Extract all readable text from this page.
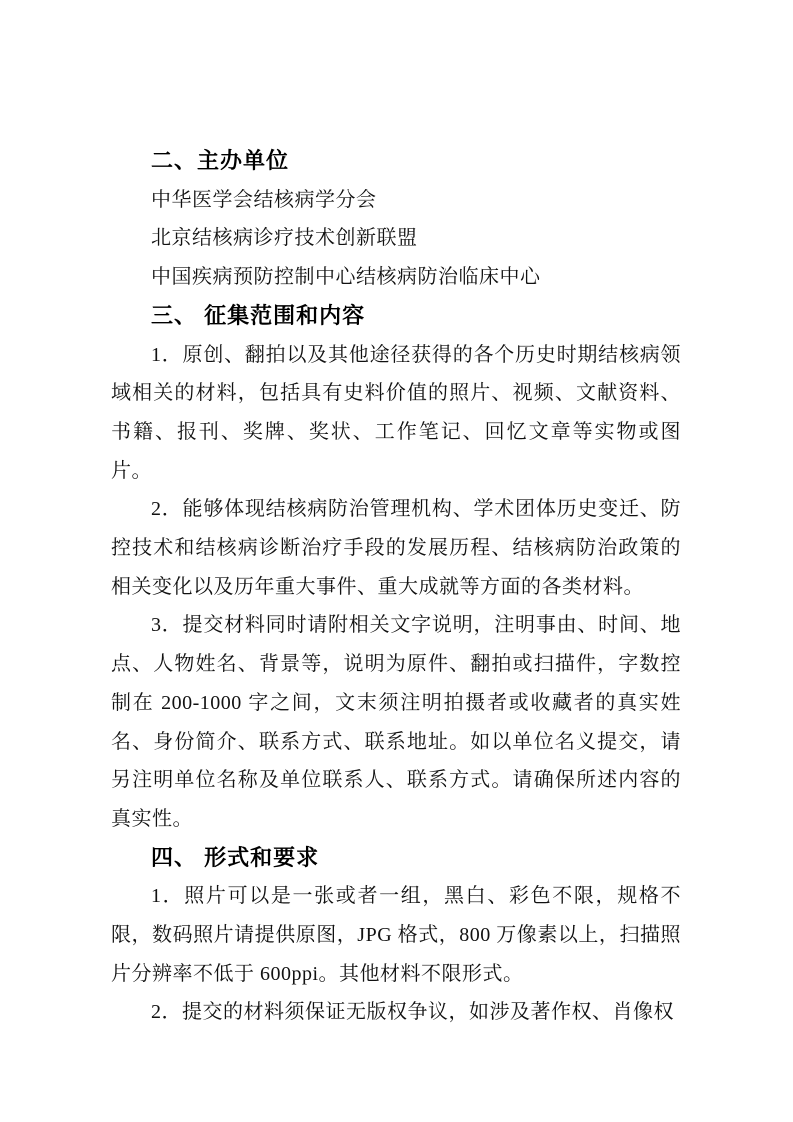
二、主办单位

中华医学会结核病学分会

北京结核病诊疗技术创新联盟

中国疾病预防控制中心结核病防治临床中心

三、 征集范围和内容

1．原创、翻拍以及其他途径获得的各个历史时期结核病领域相关的材料，包括具有史料价值的照片、视频、文献资料、书籍、报刊、奖牌、奖状、工作笔记、回忆文章等实物或图片。

2．能够体现结核病防治管理机构、学术团体历史变迁、防控技术和结核病诊断治疗手段的发展历程、结核病防治政策的相关变化以及历年重大事件、重大成就等方面的各类材料。

3．提交材料同时请附相关文字说明，注明事由、时间、地点、人物姓名、背景等，说明为原件、翻拍或扫描件，字数控制在 200-1000 字之间，文末须注明拍摄者或收藏者的真实姓名、身份简介、联系方式、联系地址。如以单位名义提交，请另注明单位名称及单位联系人、联系方式。请确保所述内容的真实性。

四、 形式和要求

1．照片可以是一张或者一组，黑白、彩色不限，规格不限，数码照片请提供原图，JPG 格式，800 万像素以上，扫描照片分辨率不低于 600ppi。其他材料不限形式。

2．提交的材料须保证无版权争议，如涉及著作权、肖像权
